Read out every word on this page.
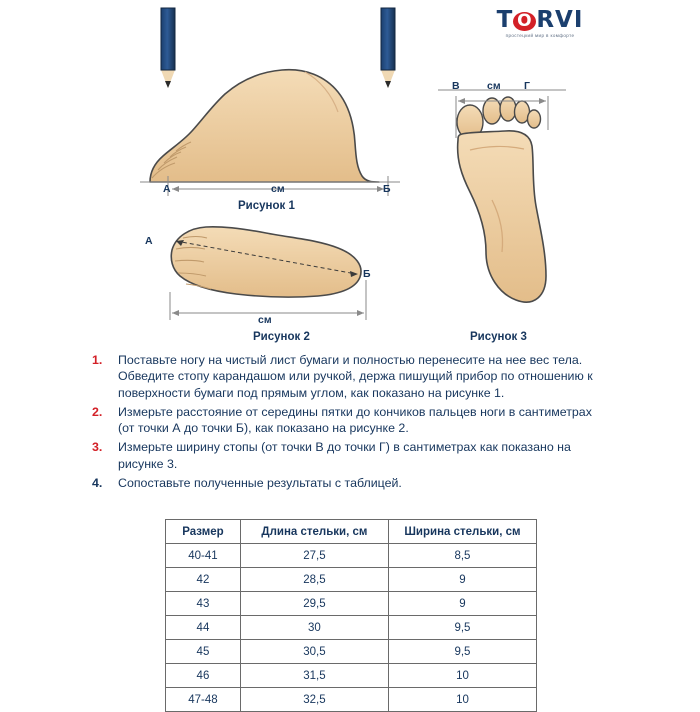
T O RVI
простецкий мир в комфорте
Рисунок 1
Рисунок 2	Рисунок 3
А	Б
см
А
Б
см
В	Г
см
1. Поставьте ногу на чистый лист бумаги и полностью перенесите на нее вес тела. Обведите стопу карандашом или ручкой, держа пишущий прибор по отношению к поверхности бумаги под прямым углом, как показано на рисунке 1.

2. Измерьте расстояние от середины пятки до кончиков пальцев ноги в сантиметрах (от точки А до точки Б), как показано на рисунке 2.

3. Измерьте ширину стопы (от точки В до точки Г) в сантиметрах как показано на рисунке 3.

4. Сопоставьте полученные результаты с таблицей.

Размер	Длина стельки, см	Ширина стельки, см
40-41	27,5	8,5
42	28,5	9
43	29,5	9
44	30	9,5
45	30,5	9,5
46	31,5	10
47-48	32,5	10
